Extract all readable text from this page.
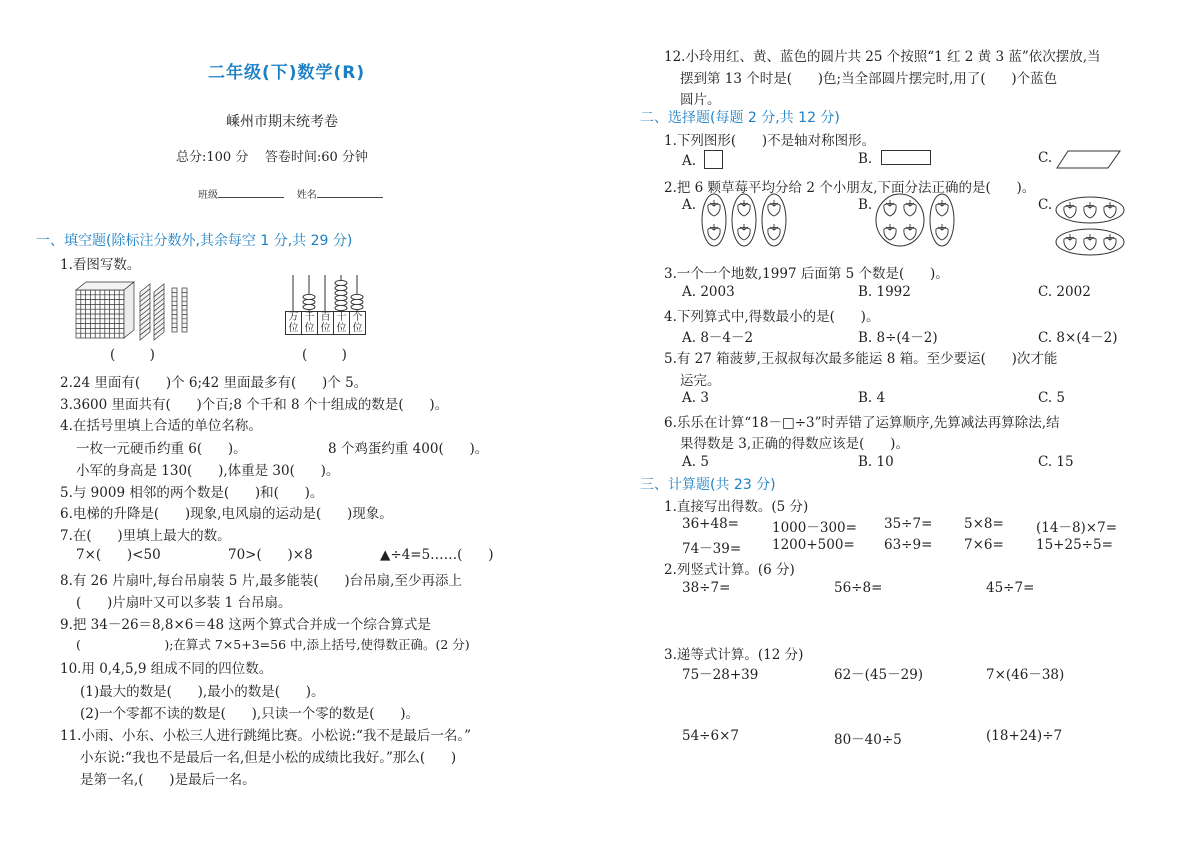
二年级(下)数学(R)
嵊州市期末统考卷
总分:100 分    答卷时间:60 分钟
班级	姓名
一、填空题(除标注分数外,其余每空 1 分,共 29 分)
1.看图写数。
万位
千位
百位
十位
个位
(        )	(        )
2.24 里面有(      )个 6;42 里面最多有(      )个 5。
3.3600 里面共有(      )个百;8 个千和 8 个十组成的数是(      )。
4.在括号里填上合适的单位名称。
一枚一元硬币约重 6(      )。	8 个鸡蛋约重 400(      )。
小军的身高是 130(      ),体重是 30(      )。
5.与 9009 相邻的两个数是(      )和(      )。
6.电梯的升降是(      )现象,电风扇的运动是(      )现象。
7.在(      )里填上最大的数。
7×(      )<50	70>(      )×8	▲÷4=5……(      )
8.有 26 片扇叶,每台吊扇装 5 片,最多能装(      )台吊扇,至少再添上
(      )片扇叶又可以多装 1 台吊扇。
9.把 34－26＝8,8×6＝48 这两个算式合并成一个综合算式是
(                     );在算式 7×5+3=56 中,添上括号,使得数正确。(2 分)
10.用 0,4,5,9 组成不同的四位数。
(1)最大的数是(      ),最小的数是(      )。
(2)一个零都不读的数是(      ),只读一个零的数是(      )。
11.小雨、小东、小松三人进行跳绳比赛。小松说:“我不是最后一名。”
小东说:“我也不是最后一名,但是小松的成绩比我好。”那么(      )
是第一名,(      )是最后一名。
12.小玲用红、黄、蓝色的圆片共 25 个按照“1 红 2 黄 3 蓝”依次摆放,当
摆到第 13 个时是(      )色;当全部圆片摆完时,用了(      )个蓝色
圆片。
二、选择题(每题 2 分,共 12 分)
1.下列图形(      )不是轴对称图形。
A.	B.	C.
2.把 6 颗草莓平均分给 2 个小朋友,下面分法正确的是(      )。
A.	B.	C.
3.一个一个地数,1997 后面第 5 个数是(      )。
A. 2003	B. 1992	C. 2002
4.下列算式中,得数最小的是(      )。
A. 8－4－2	B. 8÷(4－2)	C. 8×(4－2)
5.有 27 箱菠萝,王叔叔每次最多能运 8 箱。至少要运(      )次才能
运完。
A. 3	B. 4	C. 5
6.乐乐在计算“18－□÷3”时弄错了运算顺序,先算减法再算除法,结
果得数是 3,正确的得数应该是(      )。
A. 5	B. 10	C. 15
三、计算题(共 23 分)
1.直接写出得数。(5 分)
36+48= 1000－300= 35÷7= 5×8= (14－8)×7=
74－39= 1200+500= 63÷9= 7×6= 15+25÷5=
2.列竖式计算。(6 分)
38÷7=	56÷8=	45÷7=
3.递等式计算。(12 分)
75－28+39	62－(45－29)	7×(46－38)
54÷6×7	80－40÷5	(18+24)÷7
